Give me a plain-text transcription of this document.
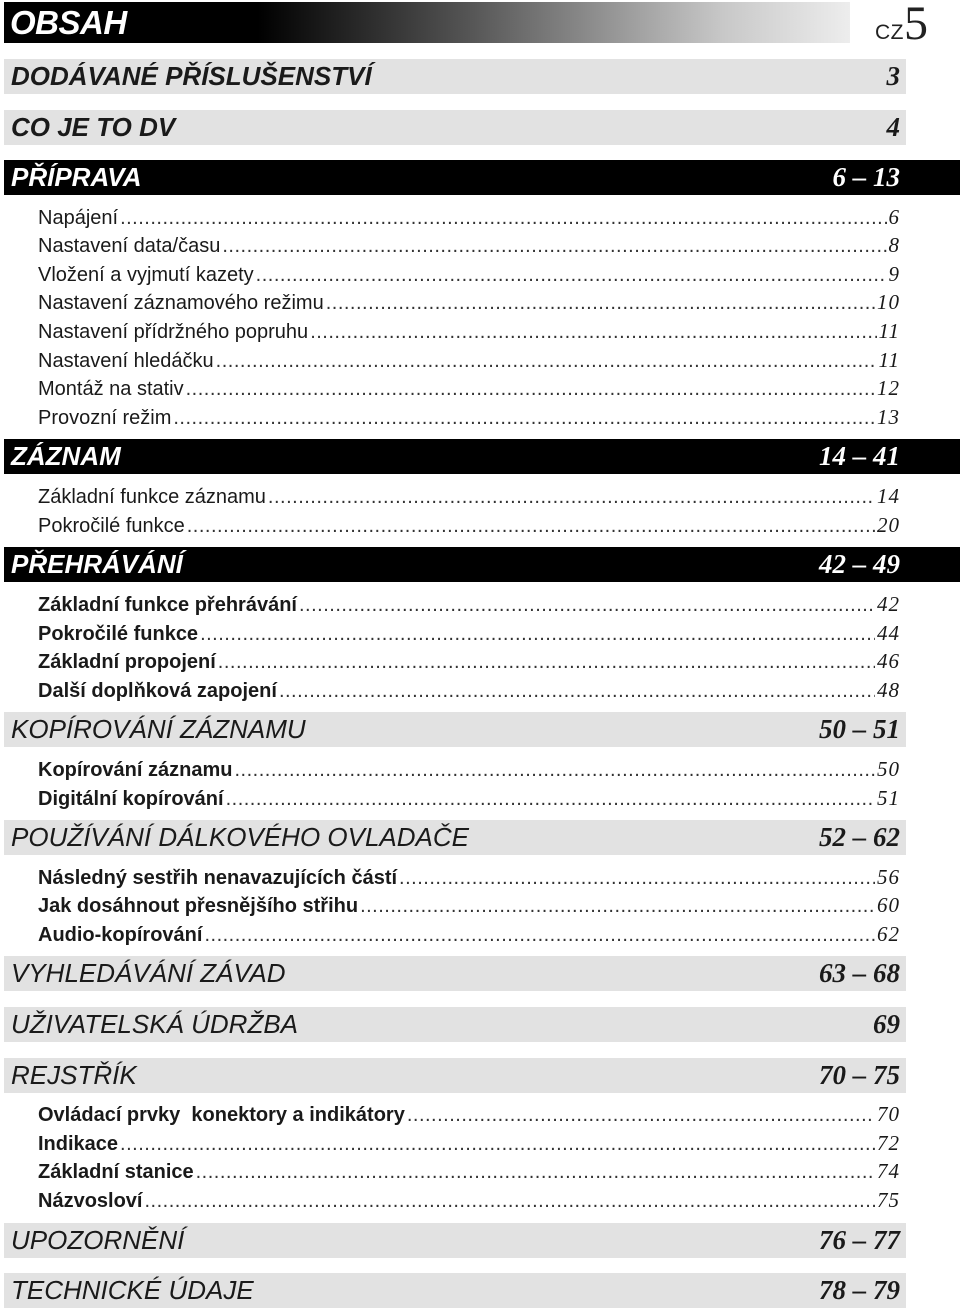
OBSAH	CZ5
DODÁVANÉ PŘÍSLUŠENSTVÍ	3
CO JE TO DV	4
PŘÍPRAVA	6 – 13
Napájení .....	6
Nastavení data/času .....	8
Vložení a vyjmutí kazety .....	9
Nastavení záznamového režimu .....	10
Nastavení přídržného popruhu .....	11
Nastavení hledáčku .....	11
Montáž na stativ .....	12
Provozní režim .....	13
ZÁZNAM	14 – 41
Základní funkce záznamu .....	14
Pokročilé funkce .....	20
PŘEHRÁVÁNÍ	42 – 49
Základní funkce přehrávání .....	42
Pokročilé funkce .....	44
Základní propojení .....	46
Další doplňková zapojení .....	48
KOPÍROVÁNÍ ZÁZNAMU	50 – 51
Kopírování záznamu .....	50
Digitální kopírování .....	51
POUŽÍVÁNÍ DÁLKOVÉHO OVLADAČE	52 – 62
Následný sestřih nenavazujících částí .....	56
Jak dosáhnout přesnějšího střihu .....	60
Audio-kopírování .....	62
VYHLEDÁVÁNÍ ZÁVAD	63 – 68
UŽIVATELSKÁ ÚDRŽBA	69
REJSTŘÍK	70 – 75
Ovládací prvky  konektory a indikátory .....	70
Indikace .....	72
Základní stanice .....	74
Názvosloví .....	75
UPOZORNĚNÍ	76 – 77
TECHNICKÉ ÚDAJE	78 – 79
